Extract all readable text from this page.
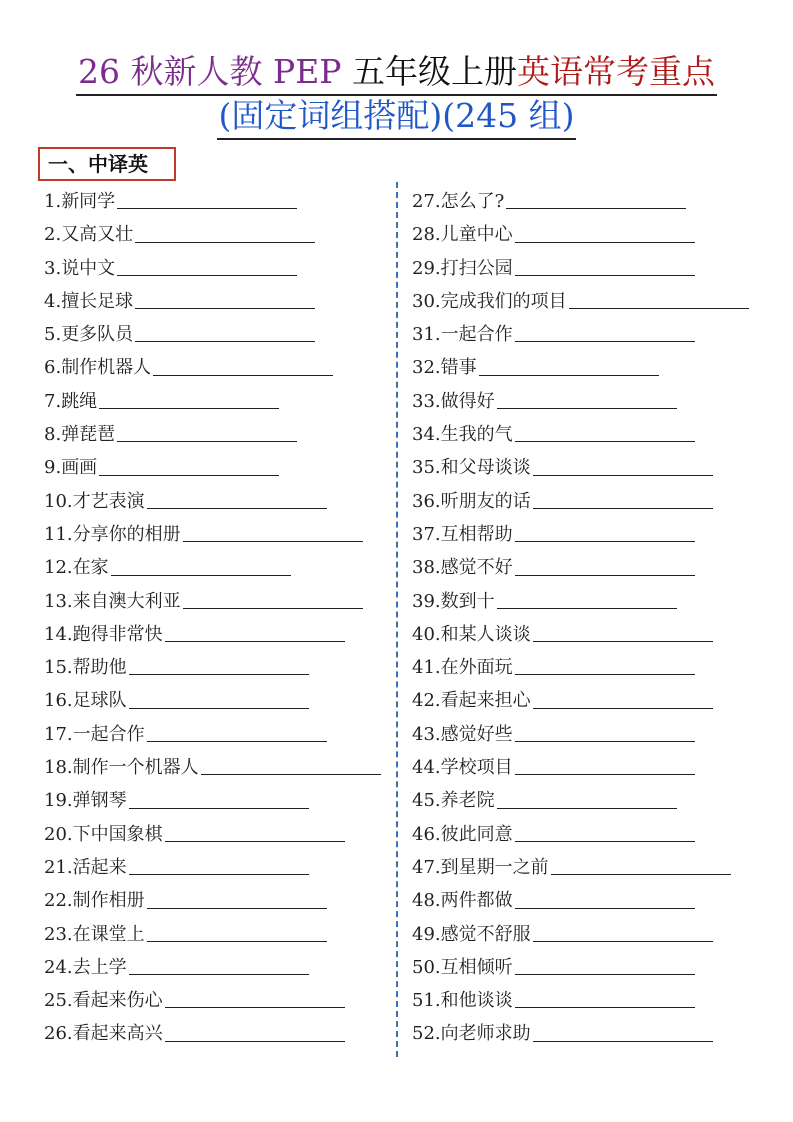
26 秋新人教 PEP 五年级上册英语常考重点
(固定词组搭配)(245 组)
一、中译英
1. 新同学
2. 又高又壮
3. 说中文
4. 擅长足球
5. 更多队员
6. 制作机器人
7. 跳绳
8. 弹琵琶
9. 画画
10. 才艺表演
11. 分享你的相册
12. 在家
13. 来自澳大利亚
14. 跑得非常快
15. 帮助他
16. 足球队
17. 一起合作
18. 制作一个机器人
19. 弹钢琴
20. 下中国象棋
21. 活起来
22. 制作相册
23. 在课堂上
24. 去上学
25. 看起来伤心
26. 看起来高兴
27. 怎么了?
28. 儿童中心
29. 打扫公园
30. 完成我们的项目
31. 一起合作
32. 错事
33. 做得好
34. 生我的气
35. 和父母谈谈
36. 听朋友的话
37. 互相帮助
38. 感觉不好
39. 数到十
40. 和某人谈谈
41. 在外面玩
42. 看起来担心
43. 感觉好些
44. 学校项目
45. 养老院
46. 彼此同意
47. 到星期一之前
48. 两件都做
49. 感觉不舒服
50. 互相倾听
51. 和他谈谈
52. 向老师求助
